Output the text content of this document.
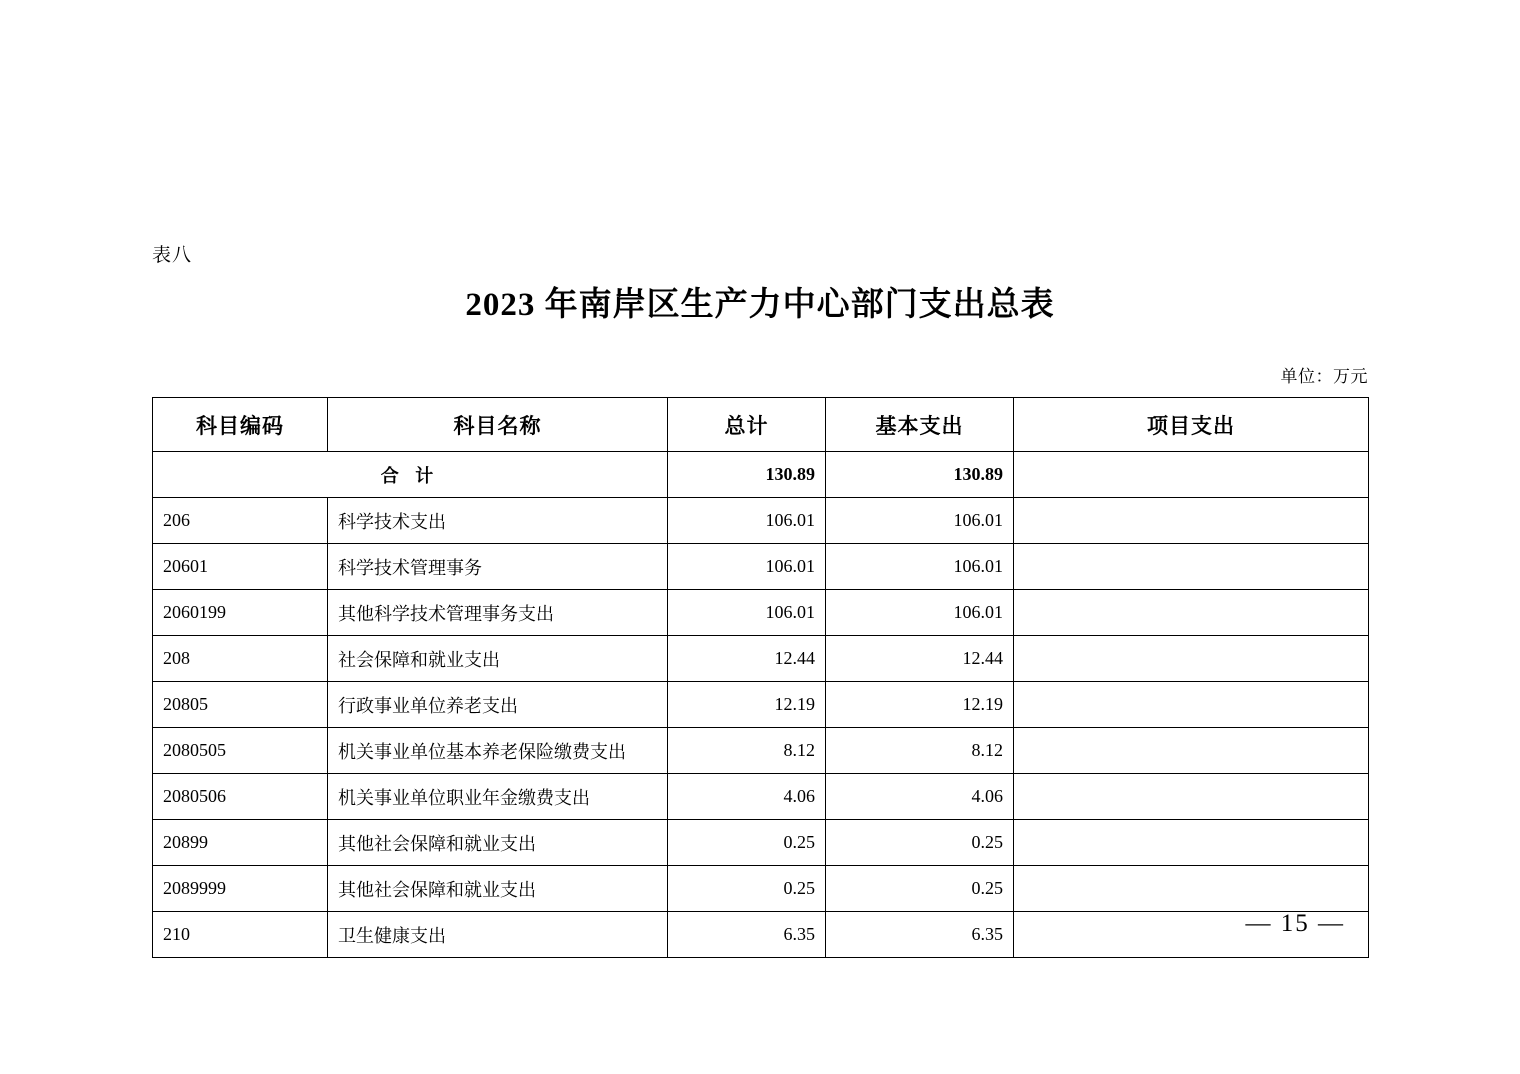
表八
2023 年南岸区生产力中心部门支出总表
单位：万元
科目编码	科目名称	总计	基本支出	项目支出
合 计		130.89	130.89	
206	科学技术支出	106.01	106.01	
20601	科学技术管理事务	106.01	106.01	
2060199	其他科学技术管理事务支出	106.01	106.01	
208	社会保障和就业支出	12.44	12.44	
20805	行政事业单位养老支出	12.19	12.19	
2080505	机关事业单位基本养老保险缴费支出	8.12	8.12	
2080506	机关事业单位职业年金缴费支出	4.06	4.06	
20899	其他社会保障和就业支出	0.25	0.25	
2089999	其他社会保障和就业支出	0.25	0.25	
210	卫生健康支出	6.35	6.35		— 15 —
